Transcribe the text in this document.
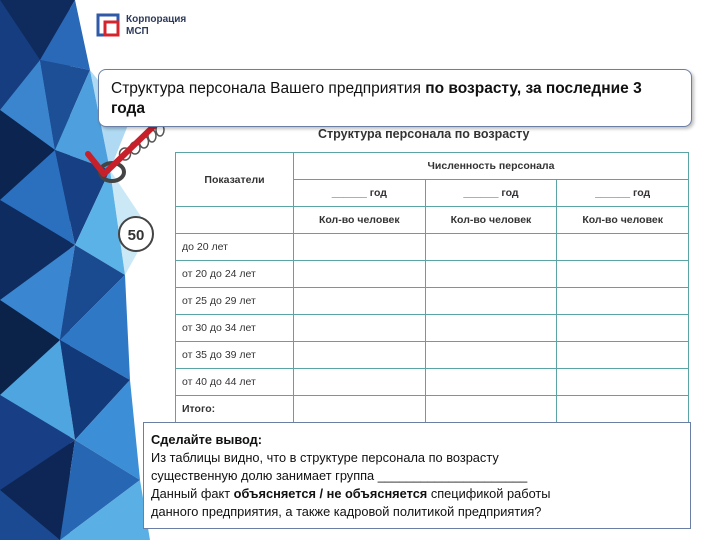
Корпорация
МСП
Структура персонала Вашего предприятия по возрасту, за последние 3 года
Структура персонала по возрасту
50
Показатели	Численность персонала		
	______ год	______ год	______ год
	Кол-во человек	Кол-во человек	Кол-во человек
до 20 лет			
от 20 до 24 лет			
от 25 до 29 лет			
от 30 до 34 лет			
от 35 до 39 лет			
от 40 до 44 лет			
Итого:			
Сделайте вывод:
Из таблицы видно, что в структуре персонала по возрасту
существенную долю занимает группа _____________________
Данный факт объясняется / не объясняется спецификой работы
данного предприятия, а также кадровой политикой предприятия?
